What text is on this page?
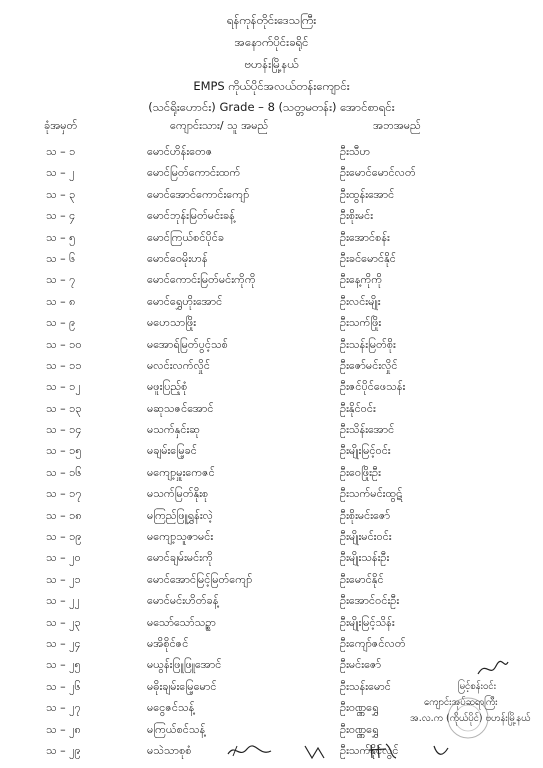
ရန်ကုန်တိုင်းဒေသကြီး
အနောက်ပိုင်းခရိုင်
ဗဟန်းမြို့နယ်
EMPS ကိုယ်ပိုင်အလယ်တန်းကျောင်း
(သင်ရိုးဟောင်း) Grade – 8 (သတ္တမတန်း) အောင်စာရင်း
ခုံအမှတ်	ကျောင်းသား/ သူ အမည်	အဘအမည်
သ – ၁	မောင်ဟိန်းတေဇ	ဦးသီဟ
သ – ၂	မောင်မြတ်ကောင်းထက်	ဦးမောင်မောင်လတ်
သ – ၃	မောင်အောင်ကောင်းကျော်	ဦးထွန်းအောင်
သ – ၄	မောင်ဘုန်းမြတ်မင်းခန့်	ဦးစိုးမင်း
သ – ၅	မောင်ကြယ်စင်ပိုင်ခ	ဦးအောင်စန်း
သ – ၆	မောင်ဝေမိုးဟန်	ဦးခင်မောင်နိုင်
သ – ၇	မောင်ကောင်းမြတ်မင်းကိုကို	ဦးနေ့ကိုကို
သ – ၈	မောင်ရွှေဟိုးအောင်	ဦးလင်းမျိုး
သ – ၉	မဟေသာဖြိုး	ဦးသက်ဖြိုး
သ – ၁၀	မအောရ်မြတ်ပွင့်သစ်	ဦးသန်းမြတ်စိုး
သ – ၁၁	မလင်းလက်လှိုင်	ဦးဇော်မင်းလှိုင်
သ – ၁၂	မဖူးပြည့်စုံ	ဦးဇင်ပိုင်ဖေသန်း
သ – ၁၃	မဆုသဇင်အောင်	ဦးနိုင်ဝင်း
သ – ၁၄	မသက်နှင်းဆု	ဦးသိန်းအောင်
သ – ၁၅	မချမ်းမြေ့ခင်	ဦးမျိုးမြင့်ဝင်း
သ – ၁၆	မကျော့မှူးကေဇင်	ဦးဝေဖြိုးဦး
သ – ၁၇	မသက်မြတ်နိုးစု	ဦးသက်မင်းထွဋ်
သ – ၁၈	မကြည်ဖြူရွှန်းလဲ့	ဦးစိုးမင်းဇော်
သ – ၁၉	မကျော့သူဇာမင်း	ဦးမျိုးမင်းဝင်း
သ – ၂၀	မောင်ချမ်းမင်းကို	ဦးမျိုးသန်းဦး
သ – ၂၁	မောင်အောင်မြင့်မြတ်ကျော်	ဦးမောင်နိုင်
သ – ၂၂	မောင်မင်းဟိတ်ခန့်	ဦးအောင်ဝင်းဦး
သ – ၂၃	မသော်သော်သဥ္စာ	ဦးမျိုးမြင့်သိန်း
သ – ၂၄	မအိစိုင်ဇင်	ဦးကျော်ဇင်လတ်
သ – ၂၅	မယွန်းဖြူဖြူအောင်	ဦးမင်းဇော်
သ – ၂၆	မဓိုးချမ်းမြေ့မောင်	ဦးသန်းမောင်
သ – ၂၇	မငွေဇင်သန့်	ဦးဝဏ္ဏရွှေ
သ – ၂၈	မကြယ်စင်သန့်	ဦးဝဏ္ဏရွှေ
သ – ၂၉	မသဲသာစုစံ	ဦးသက်နိုင်လွင်
မြင့်စန်းဝင်း
ကျောင်းအုပ်ဆရာကြီး
အ.လ.က (ကိုယ်ပိုင်) ဗဟန်းမြို့နယ်
